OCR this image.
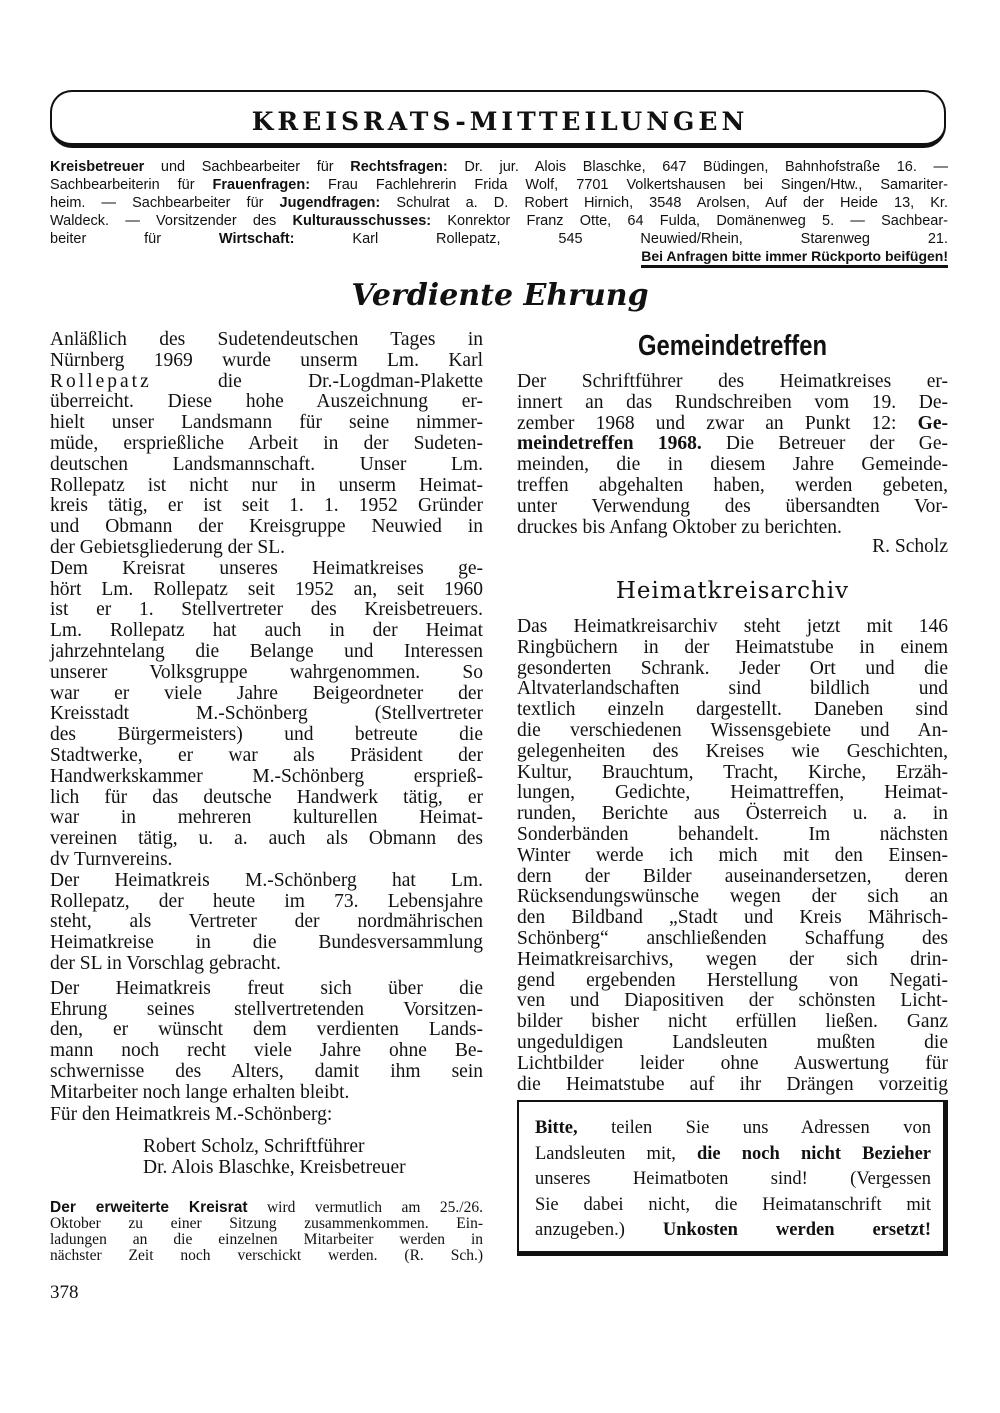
KREISRATS-MITTEILUNGEN
Kreisbetreuer und Sachbearbeiter für Rechtsfragen: Dr. jur. Alois Blaschke, 647 Büdingen, Bahnhofstraße 16. —
Sachbearbeiterin für Frauenfragen: Frau Fachlehrerin Frida Wolf, 7701 Volkertshausen bei Singen/Htw., Samariter-
heim. — Sachbearbeiter für Jugendfragen: Schulrat a. D. Robert Hirnich, 3548 Arolsen, Auf der Heide 13, Kr.
Waldeck. — Vorsitzender des Kulturausschusses: Konrektor Franz Otte, 64 Fulda, Domänenweg 5. — Sachbear-
beiter für Wirtschaft: Karl Rollepatz, 545 Neuwied/Rhein, Starenweg 21.
Bei Anfragen bitte immer Rückporto beifügen!
Verdiente Ehrung
Anläßlich des Sudetendeutschen Tages in
Nürnberg 1969 wurde unserm Lm. Karl
Rollepatz die Dr.-Logdman-Plakette
überreicht. Diese hohe Auszeichnung er-
hielt unser Landsmann für seine nimmer-
müde, ersprießliche Arbeit in der Sudeten-
deutschen Landsmannschaft. Unser Lm.
Rollepatz ist nicht nur in unserm Heimat-
kreis tätig, er ist seit 1. 1. 1952 Gründer
und Obmann der Kreisgruppe Neuwied in
der Gebietsgliederung der SL.
Dem Kreisrat unseres Heimatkreises ge-
hört Lm. Rollepatz seit 1952 an, seit 1960
ist er 1. Stellvertreter des Kreisbetreuers.
Lm. Rollepatz hat auch in der Heimat
jahrzehntelang die Belange und Interessen
unserer Volksgruppe wahrgenommen. So
war er viele Jahre Beigeordneter der
Kreisstadt M.-Schönberg (Stellvertreter
des Bürgermeisters) und betreute die
Stadtwerke, er war als Präsident der
Handwerkskammer M.-Schönberg ersprieß-
lich für das deutsche Handwerk tätig, er
war in mehreren kulturellen Heimat-
vereinen tätig, u. a. auch als Obmann des
dv Turnvereins.
Der Heimatkreis M.-Schönberg hat Lm.
Rollepatz, der heute im 73. Lebensjahre
steht, als Vertreter der nordmährischen
Heimatkreise in die Bundesversammlung
der SL in Vorschlag gebracht.
Der Heimatkreis freut sich über die
Ehrung seines stellvertretenden Vorsitzen-
den, er wünscht dem verdienten Lands-
mann noch recht viele Jahre ohne Be-
schwernisse des Alters, damit ihm sein
Mitarbeiter noch lange erhalten bleibt.
Für den Heimatkreis M.-Schönberg:
Robert Scholz, Schriftführer
Dr. Alois Blaschke, Kreisbetreuer
Der erweiterte Kreisrat wird vermutlich am 25./26.
Oktober zu einer Sitzung zusammenkommen. Ein-
ladungen an die einzelnen Mitarbeiter werden in
nächster Zeit noch verschickt werden. (R. Sch.)
378
Gemeindetreffen
Der Schriftführer des Heimatkreises er-
innert an das Rundschreiben vom 19. De-
zember 1968 und zwar an Punkt 12: Ge-
meindetreffen 1968. Die Betreuer der Ge-
meinden, die in diesem Jahre Gemeinde-
treffen abgehalten haben, werden gebeten,
unter Verwendung des übersandten Vor-
druckes bis Anfang Oktober zu berichten.
R. Scholz
Heimatkreisarchiv
Das Heimatkreisarchiv steht jetzt mit 146
Ringbüchern in der Heimatstube in einem
gesonderten Schrank. Jeder Ort und die
Altvaterlandschaften sind bildlich und
textlich einzeln dargestellt. Daneben sind
die verschiedenen Wissensgebiete und An-
gelegenheiten des Kreises wie Geschichten,
Kultur, Brauchtum, Tracht, Kirche, Erzäh-
lungen, Gedichte, Heimattreffen, Heimat-
runden, Berichte aus Österreich u. a. in
Sonderbänden behandelt. Im nächsten
Winter werde ich mich mit den Einsen-
dern der Bilder auseinandersetzen, deren
Rücksendungswünsche wegen der sich an
den Bildband „Stadt und Kreis Mährisch-
Schönberg“ anschließenden Schaffung des
Heimatkreisarchivs, wegen der sich drin-
gend ergebenden Herstellung von Negati-
ven und Diapositiven der schönsten Licht-
bilder bisher nicht erfüllen ließen. Ganz
ungeduldigen Landsleuten mußten die
Lichtbilder leider ohne Auswertung für
die Heimatstube auf ihr Drängen vorzeitig
Bitte, teilen Sie uns Adressen von
Landsleuten mit, die noch nicht Bezieher
unseres Heimatboten sind! (Vergessen
Sie dabei nicht, die Heimatanschrift mit
anzugeben.) Unkosten werden ersetzt!
